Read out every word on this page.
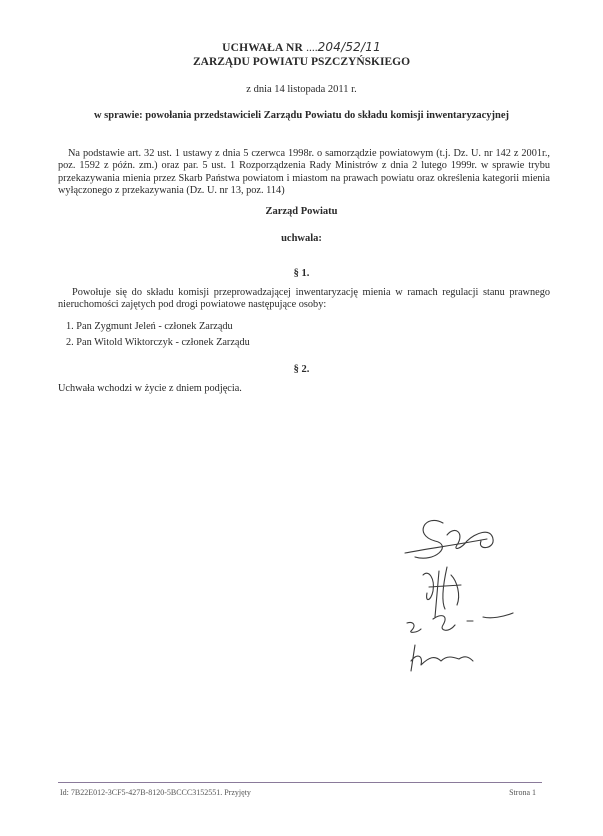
UCHWAŁA NR ....204/52/11
ZARZĄDU POWIATU PSZCZYŃSKIEGO
z dnia 14 listopada 2011 r.
w sprawie: powołania przedstawicieli Zarządu Powiatu do składu komisji inwentaryzacyjnej
Na podstawie art. 32 ust. 1 ustawy z dnia 5 czerwca 1998r. o samorządzie powiatowym (t.j. Dz. U. nr 142 z 2001r., poz. 1592 z późn. zm.) oraz par. 5 ust. 1 Rozporządzenia Rady Ministrów z dnia 2 lutego 1999r. w sprawie trybu przekazywania mienia przez Skarb Państwa powiatom i miastom na prawach powiatu oraz określenia kategorii mienia wyłączonego z przekazywania (Dz. U. nr 13, poz. 114)
Zarząd Powiatu
uchwala:
§ 1.
Powołuje się do składu komisji przeprowadzającej inwentaryzację mienia w ramach regulacji stanu prawnego nieruchomości zajętych pod drogi powiatowe następujące osoby:
1. Pan Zygmunt Jeleń - członek Zarządu
2. Pan Witold Wiktorczyk - członek Zarządu
§ 2.
Uchwała wchodzi w życie z dniem podjęcia.
Id: 7B22E012-3CF5-427B-8120-5BCCC3152551. Przyjęty	Strona 1
